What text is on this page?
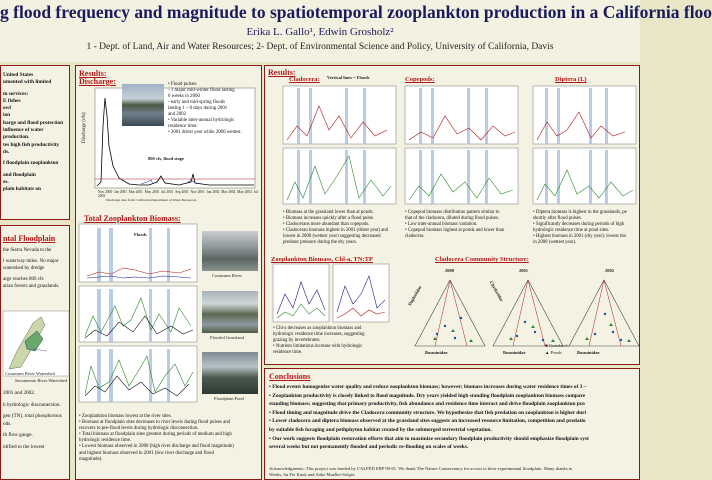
g flood frequency and magnitude to spatiotemporal zooplankton production in a California floo
Erika L. Gallo¹, Edwin Grosholz²
1 - Dept. of Land, Air and Water Resources; 2- Dept. of Environmental Science and Policy, University of California, Davis
United States
umented with limited
m services:
E fishes
owl
ion
harge and flood protection
influence of water
production.
tes high fish productivity
ds.
f floodplain zooplankton
and floodplain
es.
plain habitats on
ntal Floodplain
the Sierra Nevada to the
l waterway miles. No major
watershed by dredge
arge reaches 800 cfs
arian forests and grasslands.
Cosumnes River Watershed
Sacramento River Watershed
2001 and 2002.
h hydrologic disconnection.
gen (TN), total phosphorous
ods.
th flow gauge.
ntified to the lowest
Results:
Discharge:
Discharge (cfs)
800 cfs, flood stage
• Flood pulses:
- 1 major mid-winter flood lasting
6 weeks in 2000
- early and mid-spring floods
lasting 1 – 6 days during 2001
and 2002
• Variable inter-annual hydrologic
residence time.
• 2001 driest year while 2000 wettest.
Nov 2000 Jan 2001 Mar 2001 May 2001 Jul 2001 Sep 2001 Nov 2001 Jan 2002 Mar 2002 May 2002 Jul 2002
Discharge data from: California Department of Water Resources.
Total Zooplankton Biomass:
Floods
Cosumnes River
Flooded Grassland
Floodplain Pond
• Zooplankton biomass lowest at the river sites.
• Biomass at floodplain sites decreases to river levels during flood pulses and
recovers to pre-flood levels during hydrologic disconnection.
• Total biomass at floodplain sites greatest during periods of medium and high
hydrologic residence time.
• Lowest biomass observed in 2000 (high river discharge and flood magnitude)
and highest biomass observed in 2001 (low river discharge and flood
magnitude).
Results:
Cladocera: Vertical lines = Floods	Copepods:	Diptera (L)
• Biomass at the grassland lower than at ponds.
• Biomass increases quickly after a flood pulse.
• Cladocerans more abundant than copepods.
• Cladoceran biomass highest in 2001 (driest year) and
lowest in 2000 (wettest year) suggesting decreased
predator pressure during the dry years.
• Copepod biomass distribution pattern similar to
that of the cladocera, diluted during flood pulses.
• Low inter-annual biomass variation.
• Copepod biomass highest at ponds and lower than
cladocera.
• Diptera biomass is highest in the grasslands, pe
shortly after flood pulses.
• Significantly decreases during periods of high
hydrologic residence time at pond sites.
• Highest biomass in 2001 (dry year); lowest bio
in 2000 (wettest year).
Zooplankton Biomass, Chl-a, TN:TP
• Chl-a decreases as zooplankton biomass and
hydrologic residence time increases, suggesting
grazing by invertebrates.
• Nutrient limitations increase with hydrologic
residence time.
Cladocera Community Structure:
2000	2001	2002
Daphniidae	Chydoridae
Bosminidae	Bosminidae	Bosminidae
■ Grasslands
▲ Ponds
Conclusions
• Flood events homogenize water quality and reduce zooplankton biomass; however; biomass increases during water residence times of 3 –
• Zooplankton productivity is closely linked to flood magnitude. Dry years yielded high standing floodplain zooplankton biomass compare
standing biomass; suggesting that primary productivity, fish abundance and residence time interact and drive floodplain zooplankton pro
• Flood timing and magnitude drive the Cladocera community structure. We hypothesize that fish predation on zooplankton is higher duri
• Lower cladocera and diptera biomass observed at the grassland sites suggests an increased resource limitation, competition and predatio
by suitable fish foraging and pethphyton habitat created by the submerged terrestrial vegetation.
• Our work suggests floodplain restoration efforts that aim to maximize secondary floodplain productivity should emphasize floodplain syst
several weeks but not permanently flooded and periodic re-flooding on scales of weeks.
Acknowledgments: This project was funded by CALFED ERP 99-01. We thank The Nature Conservancy for access to their experimental floodplain. Many thanks to
Weeks, Su Fei Kuok and Anke Mueller-Solger.
